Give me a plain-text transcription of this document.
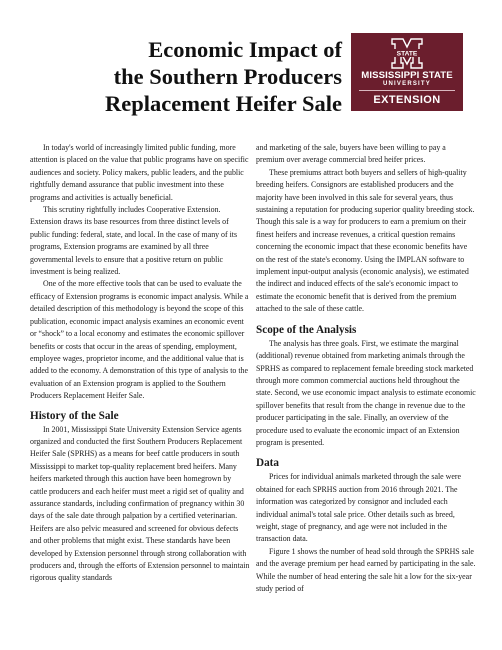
Economic Impact of
the Southern Producers
Replacement Heifer Sale
STATE
MISSISSIPPI STATE
UNIVERSITY
EXTENSION

In today's world of increasingly limited public funding, more attention is placed on the value that public programs have on specific audiences and society. Policy makers, public leaders, and the public rightfully demand assurance that public investment into these programs and activities is actually beneficial.

This scrutiny rightfully includes Cooperative Extension. Extension draws its base resources from three distinct levels of public funding: federal, state, and local. In the case of many of its programs, Extension programs are examined by all three governmental levels to ensure that a positive return on public investment is being realized.

One of the more effective tools that can be used to evaluate the efficacy of Extension programs is economic impact analysis. While a detailed description of this methodology is beyond the scope of this publication, economic impact analysis examines an economic event or “shock” to a local economy and estimates the economic spillover benefits or costs that occur in the areas of spending, employment, employee wages, proprietor income, and the additional value that is added to the economy. A demonstration of this type of analysis to the evaluation of an Extension program is applied to the Southern Producers Replacement Heifer Sale.

History of the Sale

In 2001, Mississippi State University Extension Service agents organized and conducted the first Southern Producers Replacement Heifer Sale (SPRHS) as a means for beef cattle producers in south Mississippi to market top-quality replacement bred heifers. Many heifers marketed through this auction have been homegrown by cattle producers and each heifer must meet a rigid set of quality and assurance standards, including confirmation of pregnancy within 30 days of the sale date through palpation by a certified veterinarian. Heifers are also pelvic measured and screened for obvious defects and other problems that might exist. These standards have been developed by Extension personnel through strong collaboration with producers and, through the efforts of Extension personnel to maintain rigorous quality standards

and marketing of the sale, buyers have been willing to pay a premium over average commercial bred heifer prices.

These premiums attract both buyers and sellers of high-quality breeding heifers. Consignors are established producers and the majority have been involved in this sale for several years, thus sustaining a reputation for producing superior quality breeding stock. Though this sale is a way for producers to earn a premium on their finest heifers and increase revenues, a critical question remains concerning the economic impact that these economic benefits have on the rest of the state's economy. Using the IMPLAN software to implement input-output analysis (economic analysis), we estimated the indirect and induced effects of the sale's economic impact to estimate the economic benefit that is derived from the premium attached to the sale of these cattle.

Scope of the Analysis

The analysis has three goals. First, we estimate the marginal (additional) revenue obtained from marketing animals through the SPRHS as compared to replacement female breeding stock marketed through more common commercial auctions held throughout the state. Second, we use economic impact analysis to estimate economic spillover benefits that result from the change in revenue due to the producer participating in the sale. Finally, an overview of the procedure used to evaluate the economic impact of an Extension program is presented.

Data

Prices for individual animals marketed through the sale were obtained for each SPRHS auction from 2016 through 2021. The information was categorized by consignor and included each individual animal's total sale price. Other details such as breed, weight, stage of pregnancy, and age were not included in the transaction data.

Figure 1 shows the number of head sold through the SPRHS sale and the average premium per head earned by participating in the sale. While the number of head entering the sale hit a low for the six-year study period of
